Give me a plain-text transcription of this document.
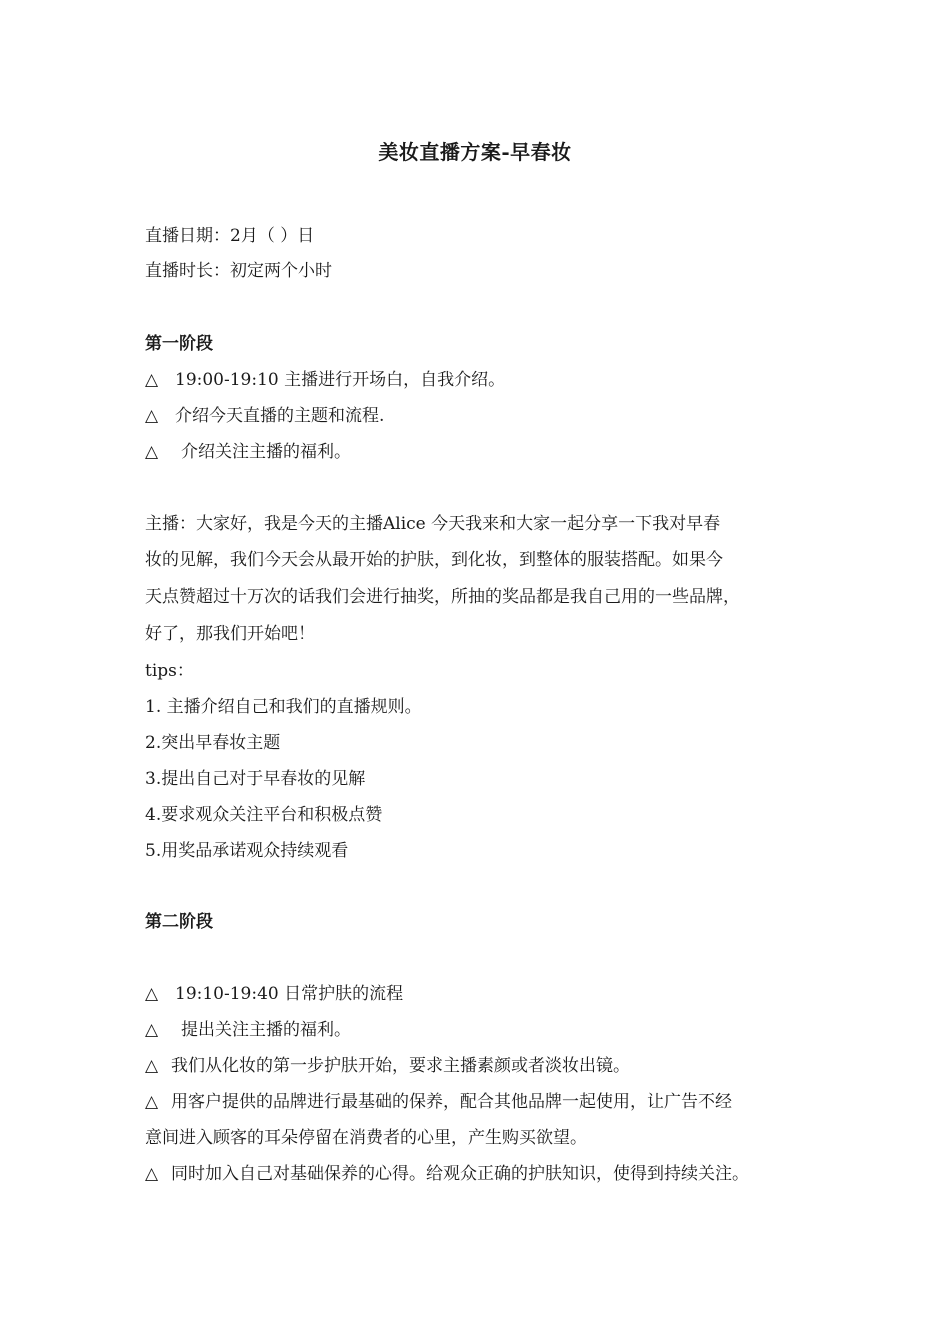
美妆直播方案-早春妆
直播日期：2月（ ）日
直播时长：初定两个小时
第一阶段
△ 19:00-19:10 主播进行开场白，自我介绍。
△ 介绍今天直播的主题和流程.
△ 介绍关注主播的福利。
主播：大家好，我是今天的主播Alice 今天我来和大家一起分享一下我对早春
妆的见解，我们今天会从最开始的护肤，到化妆，到整体的服装搭配。如果今
天点赞超过十万次的话我们会进行抽奖，所抽的奖品都是我自己用的一些品牌，
好了，那我们开始吧！
tips：
1. 主播介绍自己和我们的直播规则。
2.突出早春妆主题
3.提出自己对于早春妆的见解
4.要求观众关注平台和积极点赞
5.用奖品承诺观众持续观看
第二阶段
△ 19:10-19:40 日常护肤的流程
△ 提出关注主播的福利。
△ 我们从化妆的第一步护肤开始，要求主播素颜或者淡妆出镜。
△ 用客户提供的品牌进行最基础的保养，配合其他品牌一起使用，让广告不经
意间进入顾客的耳朵停留在消费者的心里，产生购买欲望。
△ 同时加入自己对基础保养的心得。给观众正确的护肤知识，使得到持续关注。
